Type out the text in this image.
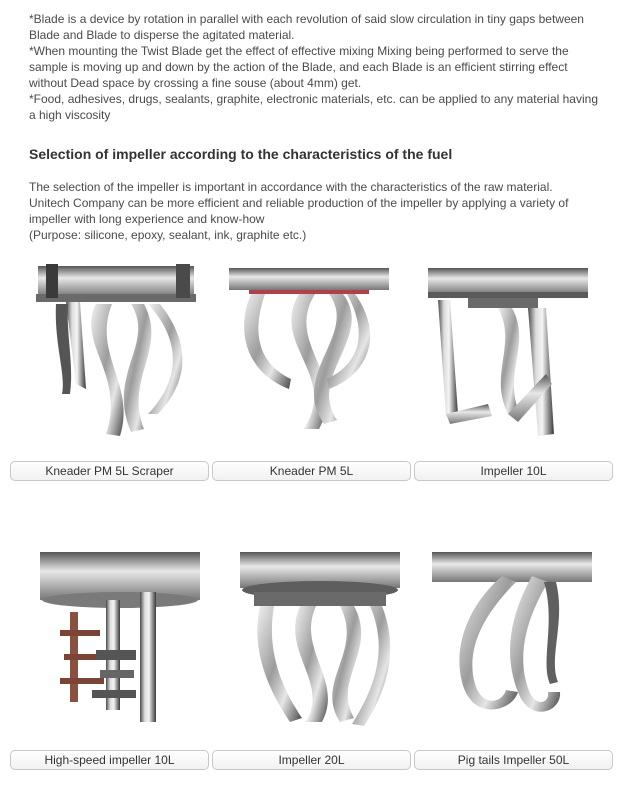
*Blade is a device by rotation in parallel with each revolution of said slow circulation in tiny gaps between Blade and Blade to disperse the agitated material.

*When mounting the Twist Blade get the effect of effective mixing Mixing being performed to serve the sample is moving up and down by the action of the Blade, and each Blade is an efficient stirring effect without Dead space by crossing a fine souse (about 4mm) get.

*Food, adhesives, drugs, sealants, graphite, electronic materials, etc. can be applied to any material having a high viscosity

Selection of impeller according to the characteristics of the fuel

The selection of the impeller is important in accordance with the characteristics of the raw material.

Unitech Company can be more efficient and reliable production of the impeller by applying a variety of impeller with long experience and know-how

(Purpose: silicone, epoxy, sealant, ink, graphite etc.)

Kneader PM 5L Scraper	Kneader PM 5L	Impeller 10L
High-speed impeller 10L	Impeller 20L	Pig tails Impeller 50L
